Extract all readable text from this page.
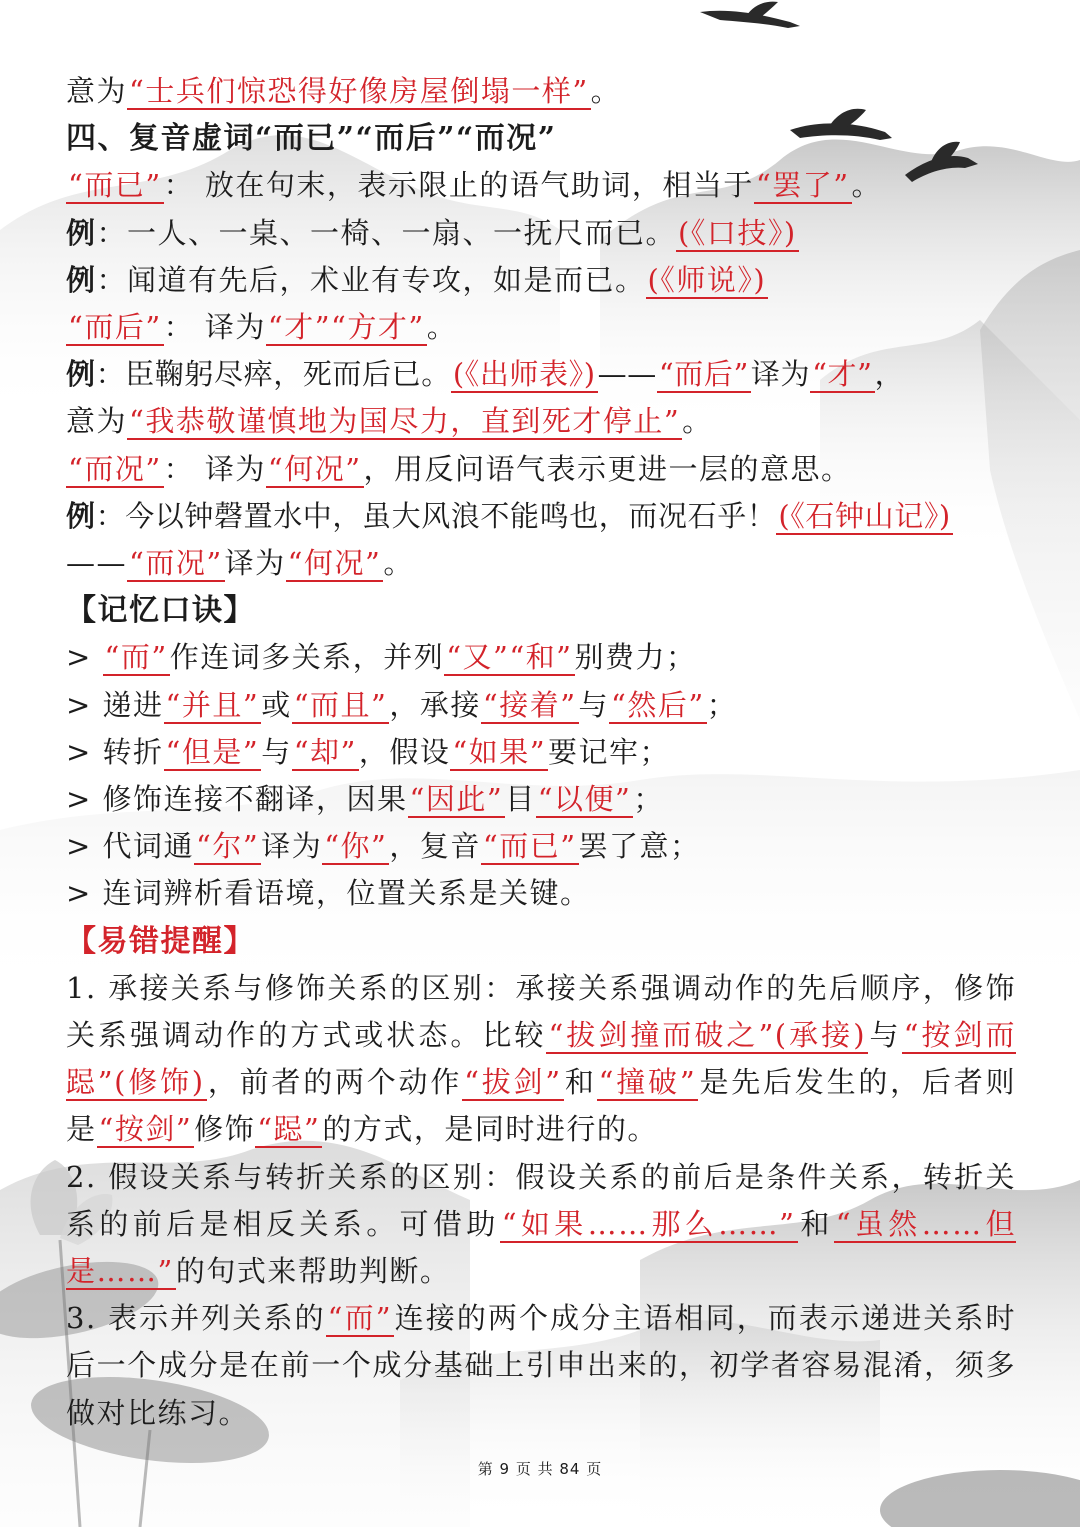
意为“士兵们惊恐得好像房屋倒塌一样”。
四、复音虚词“而已”“而后”“而况”
“而已”： 放在句末，表示限止的语气助词，相当于“罢了”。
例：一人、一桌、一椅、一扇、一抚尺而已。(《口技》)
例：闻道有先后，术业有专攻，如是而已。(《师说》)
“而后”： 译为“才”“方才”。
例：臣鞠躬尽瘁，死而后已。(《出师表》)——“而后”译为“才”，
意为“我恭敬谨慎地为国尽力，直到死才停止”。
“而况”： 译为“何况”，用反问语气表示更进一层的意思。
例：今以钟磬置水中，虽大风浪不能鸣也，而况石乎！(《石钟山记》)
——“而况”译为“何况”。
【记忆口诀】
> “而”作连词多关系，并列“又”“和”别费力；
> 递进“并且”或“而且”，承接“接着”与“然后”；
> 转折“但是”与“却”，假设“如果”要记牢；
> 修饰连接不翻译，因果“因此”目“以便”；
> 代词通“尔”译为“你”，复音“而已”罢了意；
> 连词辨析看语境，位置关系是关键。
【易错提醒】
1. 承接关系与修饰关系的区别：承接关系强调动作的先后顺序，修饰关系强调动作的方式或状态。比较“拔剑撞而破之”(承接)与“按剑而跽”(修饰)，前者的两个动作“拔剑”和“撞破”是先后发生的，后者则是“按剑”修饰“跽”的方式，是同时进行的。
2. 假设关系与转折关系的区别：假设关系的前后是条件关系，转折关系的前后是相反关系。可借助“如果……那么……”和“虽然……但是……”的句式来帮助判断。
3. 表示并列关系的“而”连接的两个成分主语相同，而表示递进关系时后一个成分是在前一个成分基础上引申出来的，初学者容易混淆，须多做对比练习。
第 9 页 共 84 页
